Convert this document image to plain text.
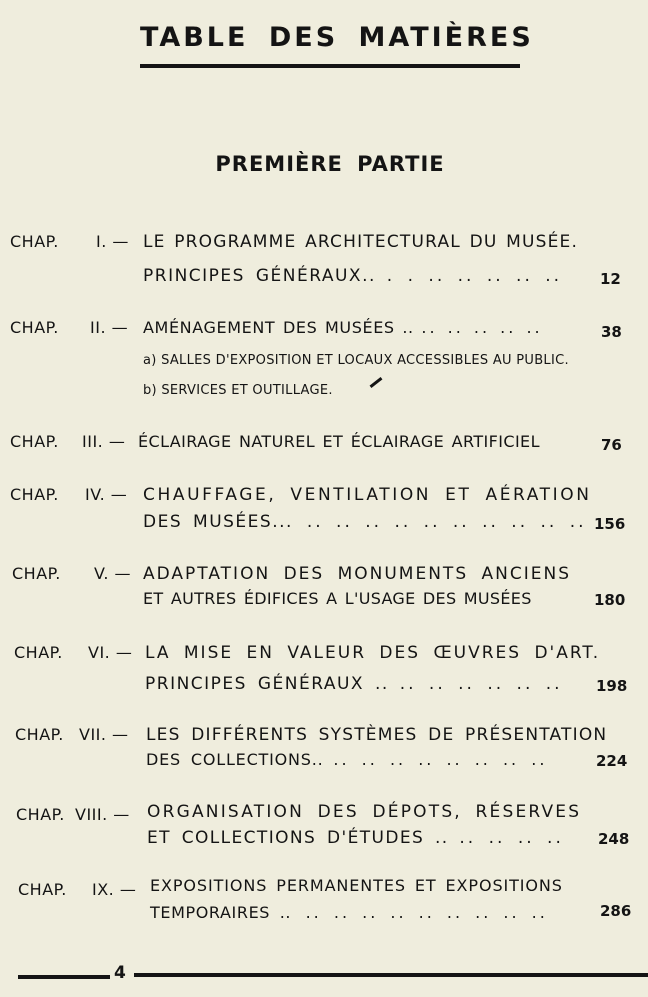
TABLE DES MATIÈRES
PREMIÈRE PARTIE
CHAP. I. — LE PROGRAMME ARCHITECTURAL DU MUSÉE.
PRINCIPES GÉNÉRAUX.. . . .. .. .. .. ..	12
CHAP. II. — AMÉNAGEMENT DES MUSÉES .. .. .. .. .. ..	38
a) SALLES D'EXPOSITION ET LOCAUX ACCESSIBLES AU PUBLIC.
b) SERVICES ET OUTILLAGE.
CHAP. III. — ÉCLAIRAGE NATUREL ET ÉCLAIRAGE ARTIFICIEL	76
CHAP. IV. — CHAUFFAGE, VENTILATION ET AÉRATION
DES MUSÉES... .. .. .. .. .. .. .. .. .. .. 156
CHAP. V. — ADAPTATION DES MONUMENTS ANCIENS
ET AUTRES ÉDIFICES A L'USAGE DES MUSÉES	180
CHAP. VI. — LA MISE EN VALEUR DES ŒUVRES D'ART.
PRINCIPES GÉNÉRAUX .. .. .. .. .. .. .. 198
CHAP. VII. — LES DIFFÉRENTS SYSTÈMES DE PRÉSENTATION
DES COLLECTIONS.. .. .. .. .. .. .. .. ..	224
CHAP. VIII. — ORGANISATION DES DÉPOTS, RÉSERVES
ET COLLECTIONS D'ÉTUDES .. .. .. .. .. 248
CHAP. IX. — EXPOSITIONS PERMANENTES ET EXPOSITIONS
TEMPORAIRES .. .. .. .. .. .. .. .. .. ..	286
4
